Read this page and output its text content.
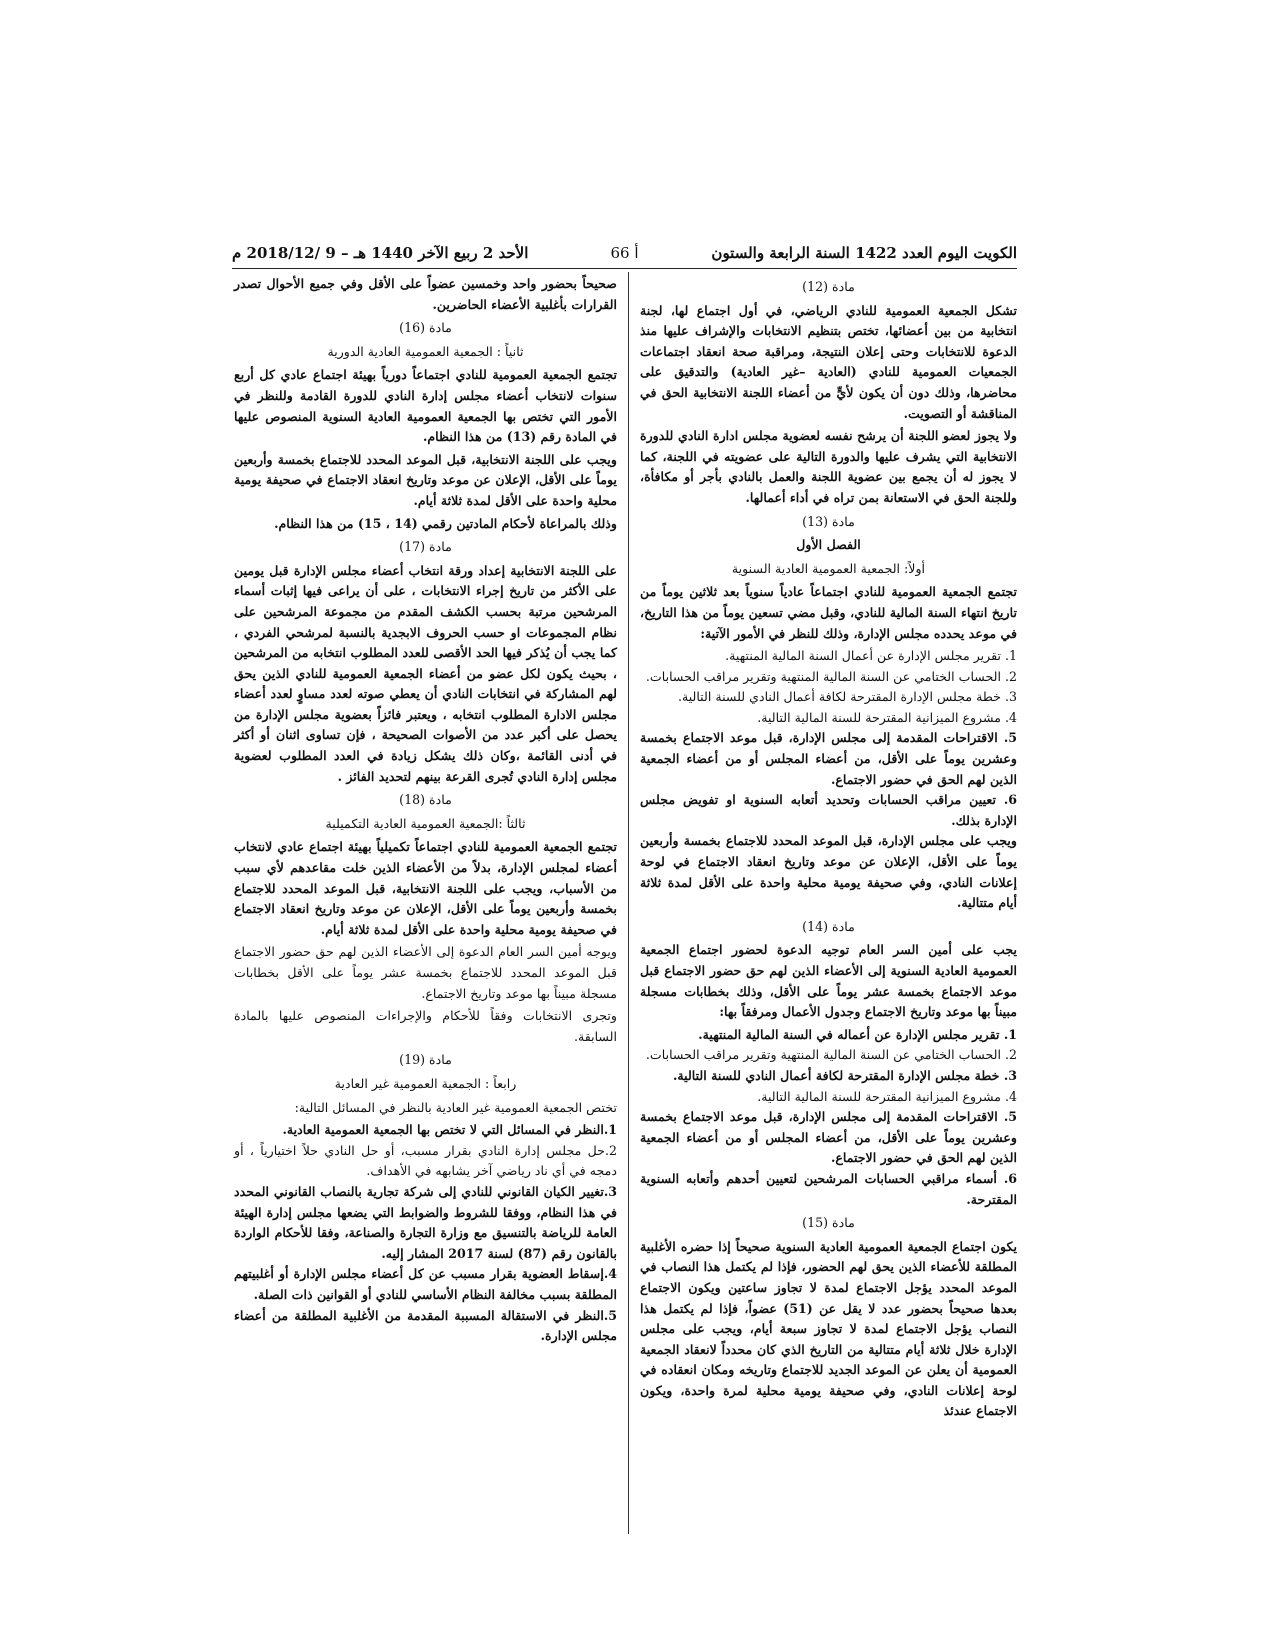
الكويت اليوم العدد 1422 السنة الرابعة والستون
أ 66
الأحد 2 ربيع الآخر 1440 هـ – 9 /2018/12 م

مادة (12)

تشكل الجمعية العمومية للنادي الرياضي، في أول اجتماع لها، لجنة انتخابية من بين أعضائها، تختص بتنظيم الانتخابات والإشراف عليها منذ الدعوة للانتخابات وحتى إعلان النتيجة، ومراقبة صحة انعقاد اجتماعات الجمعيات العمومية للنادي (العادية –غير العادية) والتدقيق على محاضرها، وذلك دون أن يكون لأيٍّ من أعضاء اللجنة الانتخابية الحق في المناقشة أو التصويت.

ولا يجوز لعضو اللجنة أن يرشح نفسه لعضوية مجلس ادارة النادي للدورة الانتخابية التي يشرف عليها والدورة التالية على عضويته في اللجنة، كما لا يجوز له أن يجمع بين عضوية اللجنة والعمل بالنادي بأجر أو مكافأة، وللجنة الحق في الاستعانة بمن تراه في أداء أعمالها.

مادة (13)

الفصل الأول

أولاً: الجمعية العمومية العادية السنوية

تجتمع الجمعية العمومية للنادي اجتماعاً عادياً سنوياً بعد ثلاثين يوماً من تاريخ انتهاء السنة المالية للنادي، وقبل مضي تسعين يوماً من هذا التاريخ، في موعد يحدده مجلس الإدارة، وذلك للنظر في الأمور الآتية:

1. تقرير مجلس الإدارة عن أعمال السنة المالية المنتهية.

2. الحساب الختامي عن السنة المالية المنتهية وتقرير مراقب الحسابات.

3. خطة مجلس الإدارة المقترحة لكافة أعمال النادي للسنة التالية.

4. مشروع الميزانية المقترحة للسنة المالية التالية.

5. الاقتراحات المقدمة إلى مجلس الإدارة، قبل موعد الاجتماع بخمسة وعشرين يوماً على الأقل، من أعضاء المجلس أو من أعضاء الجمعية الذين لهم الحق في حضور الاجتماع.

6. تعيين مراقب الحسابات وتحديد أتعابه السنوية او تفويض مجلس الإدارة بذلك.

ويجب على مجلس الإدارة، قبل الموعد المحدد للاجتماع بخمسة وأربعين يوماً على الأقل، الإعلان عن موعد وتاريخ انعقاد الاجتماع في لوحة إعلانات النادي، وفي صحيفة يومية محلية واحدة على الأقل لمدة ثلاثة أيام متتالية.

مادة (14)

يجب على أمين السر العام توجيه الدعوة لحضور اجتماع الجمعية العمومية العادية السنوية إلى الأعضاء الذين لهم حق حضور الاجتماع قبل موعد الاجتماع بخمسة عشر يوماً على الأقل، وذلك بخطابات مسجلة مبيناً بها موعد وتاريخ الاجتماع وجدول الأعمال ومرفقاً بها:

1. تقرير مجلس الإدارة عن أعماله في السنة المالية المنتهية.

2. الحساب الختامي عن السنة المالية المنتهية وتقرير مراقب الحسابات.

3. خطة مجلس الإدارة المقترحة لكافة أعمال النادي للسنة التالية.

4. مشروع الميزانية المقترحة للسنة المالية التالية.

5. الاقتراحات المقدمة إلى مجلس الإدارة، قبل موعد الاجتماع بخمسة وعشرين يوماً على الأقل، من أعضاء المجلس أو من أعضاء الجمعية الذين لهم الحق في حضور الاجتماع.

6. أسماء مراقبي الحسابات المرشحين لتعيين أحدهم وأتعابه السنوية المقترحة.

مادة (15)

يكون اجتماع الجمعية العمومية العادية السنوية صحيحاً إذا حضره الأغلبية المطلقة للأعضاء الذين يحق لهم الحضور، فإذا لم يكتمل هذا النصاب في الموعد المحدد يؤجل الاجتماع لمدة لا تجاوز ساعتين ويكون الاجتماع بعدها صحيحاً بحضور عدد لا يقل عن (51) عضواً، فإذا لم يكتمل هذا النصاب يؤجل الاجتماع لمدة لا تجاوز سبعة أيام، ويجب على مجلس الإدارة خلال ثلاثة أيام متتالية من التاريخ الذي كان محدداً لانعقاد الجمعية العمومية أن يعلن عن الموعد الجديد للاجتماع وتاريخه ومكان انعقاده في لوحة إعلانات النادي، وفي صحيفة يومية محلية لمرة واحدة، ويكون الاجتماع عندئذ

صحيحاً بحضور واحد وخمسين عضواً على الأقل وفي جميع الأحوال تصدر القرارات بأغلبية الأعضاء الحاضرين.

مادة (16)

ثانياً : الجمعية العمومية العادية الدورية

تجتمع الجمعية العمومية للنادي اجتماعاً دورياً بهيئة اجتماع عادي كل أربع سنوات لانتخاب أعضاء مجلس إدارة النادي للدورة القادمة وللنظر في الأمور التي تختص بها الجمعية العمومية العادية السنوية المنصوص عليها في المادة رقم (13) من هذا النظام.

ويجب على اللجنة الانتخابية، قبل الموعد المحدد للاجتماع بخمسة وأربعين يوماً على الأقل، الإعلان عن موعد وتاريخ انعقاد الاجتماع في صحيفة يومية محلية واحدة على الأقل لمدة ثلاثة أيام.

وذلك بالمراعاة لأحكام المادتين رقمي (14 ، 15) من هذا النظام.

مادة (17)

على اللجنة الانتخابية إعداد ورقة انتخاب أعضاء مجلس الإدارة قبل يومين على الأكثر من تاريخ إجراء الانتخابات ، على أن يراعى فيها إثبات أسماء المرشحين مرتبة بحسب الكشف المقدم من مجموعة المرشحين على نظام المجموعات او حسب الحروف الابجدية بالنسبة لمرشحي الفردي ، كما يجب أن يُذكر فيها الحد الأقصى للعدد المطلوب انتخابه من المرشحين ، بحيث يكون لكل عضو من أعضاء الجمعية العمومية للنادي الذين يحق لهم المشاركة في انتخابات النادي أن يعطي صوته لعدد مساوٍ لعدد أعضاء مجلس الادارة المطلوب انتخابه ، ويعتبر فائزاً بعضوية مجلس الإدارة من يحصل على أكبر عدد من الأصوات الصحيحة ، فإن تساوى اثنان أو أكثر في أدنى القائمة ،وكان ذلك يشكل زيادة في العدد المطلوب لعضوية مجلس إدارة النادي تُجرى القرعة بينهم لتحديد الفائز .

مادة (18)

ثالثاً :الجمعية العمومية العادية التكميلية

تجتمع الجمعية العمومية للنادي اجتماعاً تكميلياً بهيئة اجتماع عادي لانتخاب أعضاء لمجلس الإدارة، بدلاً من الأعضاء الذين خلت مقاعدهم لأي سبب من الأسباب، ويجب على اللجنة الانتخابية، قبل الموعد المحدد للاجتماع بخمسة وأربعين يوماً على الأقل، الإعلان عن موعد وتاريخ انعقاد الاجتماع في صحيفة يومية محلية واحدة على الأقل لمدة ثلاثة أيام.

ويوجه أمين السر العام الدعوة إلى الأعضاء الذين لهم حق حضور الاجتماع قبل الموعد المحدد للاجتماع بخمسة عشر يوماً على الأقل بخطابات مسجلة مبيناً بها موعد وتاريخ الاجتماع.

وتجرى الانتخابات وفقاً للأحكام والإجراءات المنصوص عليها بالمادة السابقة.

مادة (19)

رابعاً : الجمعية العمومية غير العادية

تختص الجمعية العمومية غير العادية بالنظر في المسائل التالية:

1.النظر في المسائل التي لا تختص بها الجمعية العمومية العادية.

2.حل مجلس إدارة النادي بقرار مسبب، أو حل النادي حلاً اختيارياً ، أو دمجه في أي ناد رياضي آخر يشابهه في الأهداف.

3.تغيير الكيان القانوني للنادي إلى شركة تجارية بالنصاب القانوني المحدد في هذا النظام، ووفقا للشروط والضوابط التي يضعها مجلس إدارة الهيئة العامة للرياضة بالتنسيق مع وزارة التجارة والصناعة، وفقا للأحكام الواردة بالقانون رقم (87) لسنة 2017 المشار إليه.

4.إسقاط العضوية بقرار مسبب عن كل أعضاء مجلس الإدارة أو أغلبيتهم المطلقة بسبب مخالفة النظام الأساسي للنادي أو القوانين ذات الصلة.

5.النظر في الاستقالة المسببة المقدمة من الأغلبية المطلقة من أعضاء مجلس الإدارة.
